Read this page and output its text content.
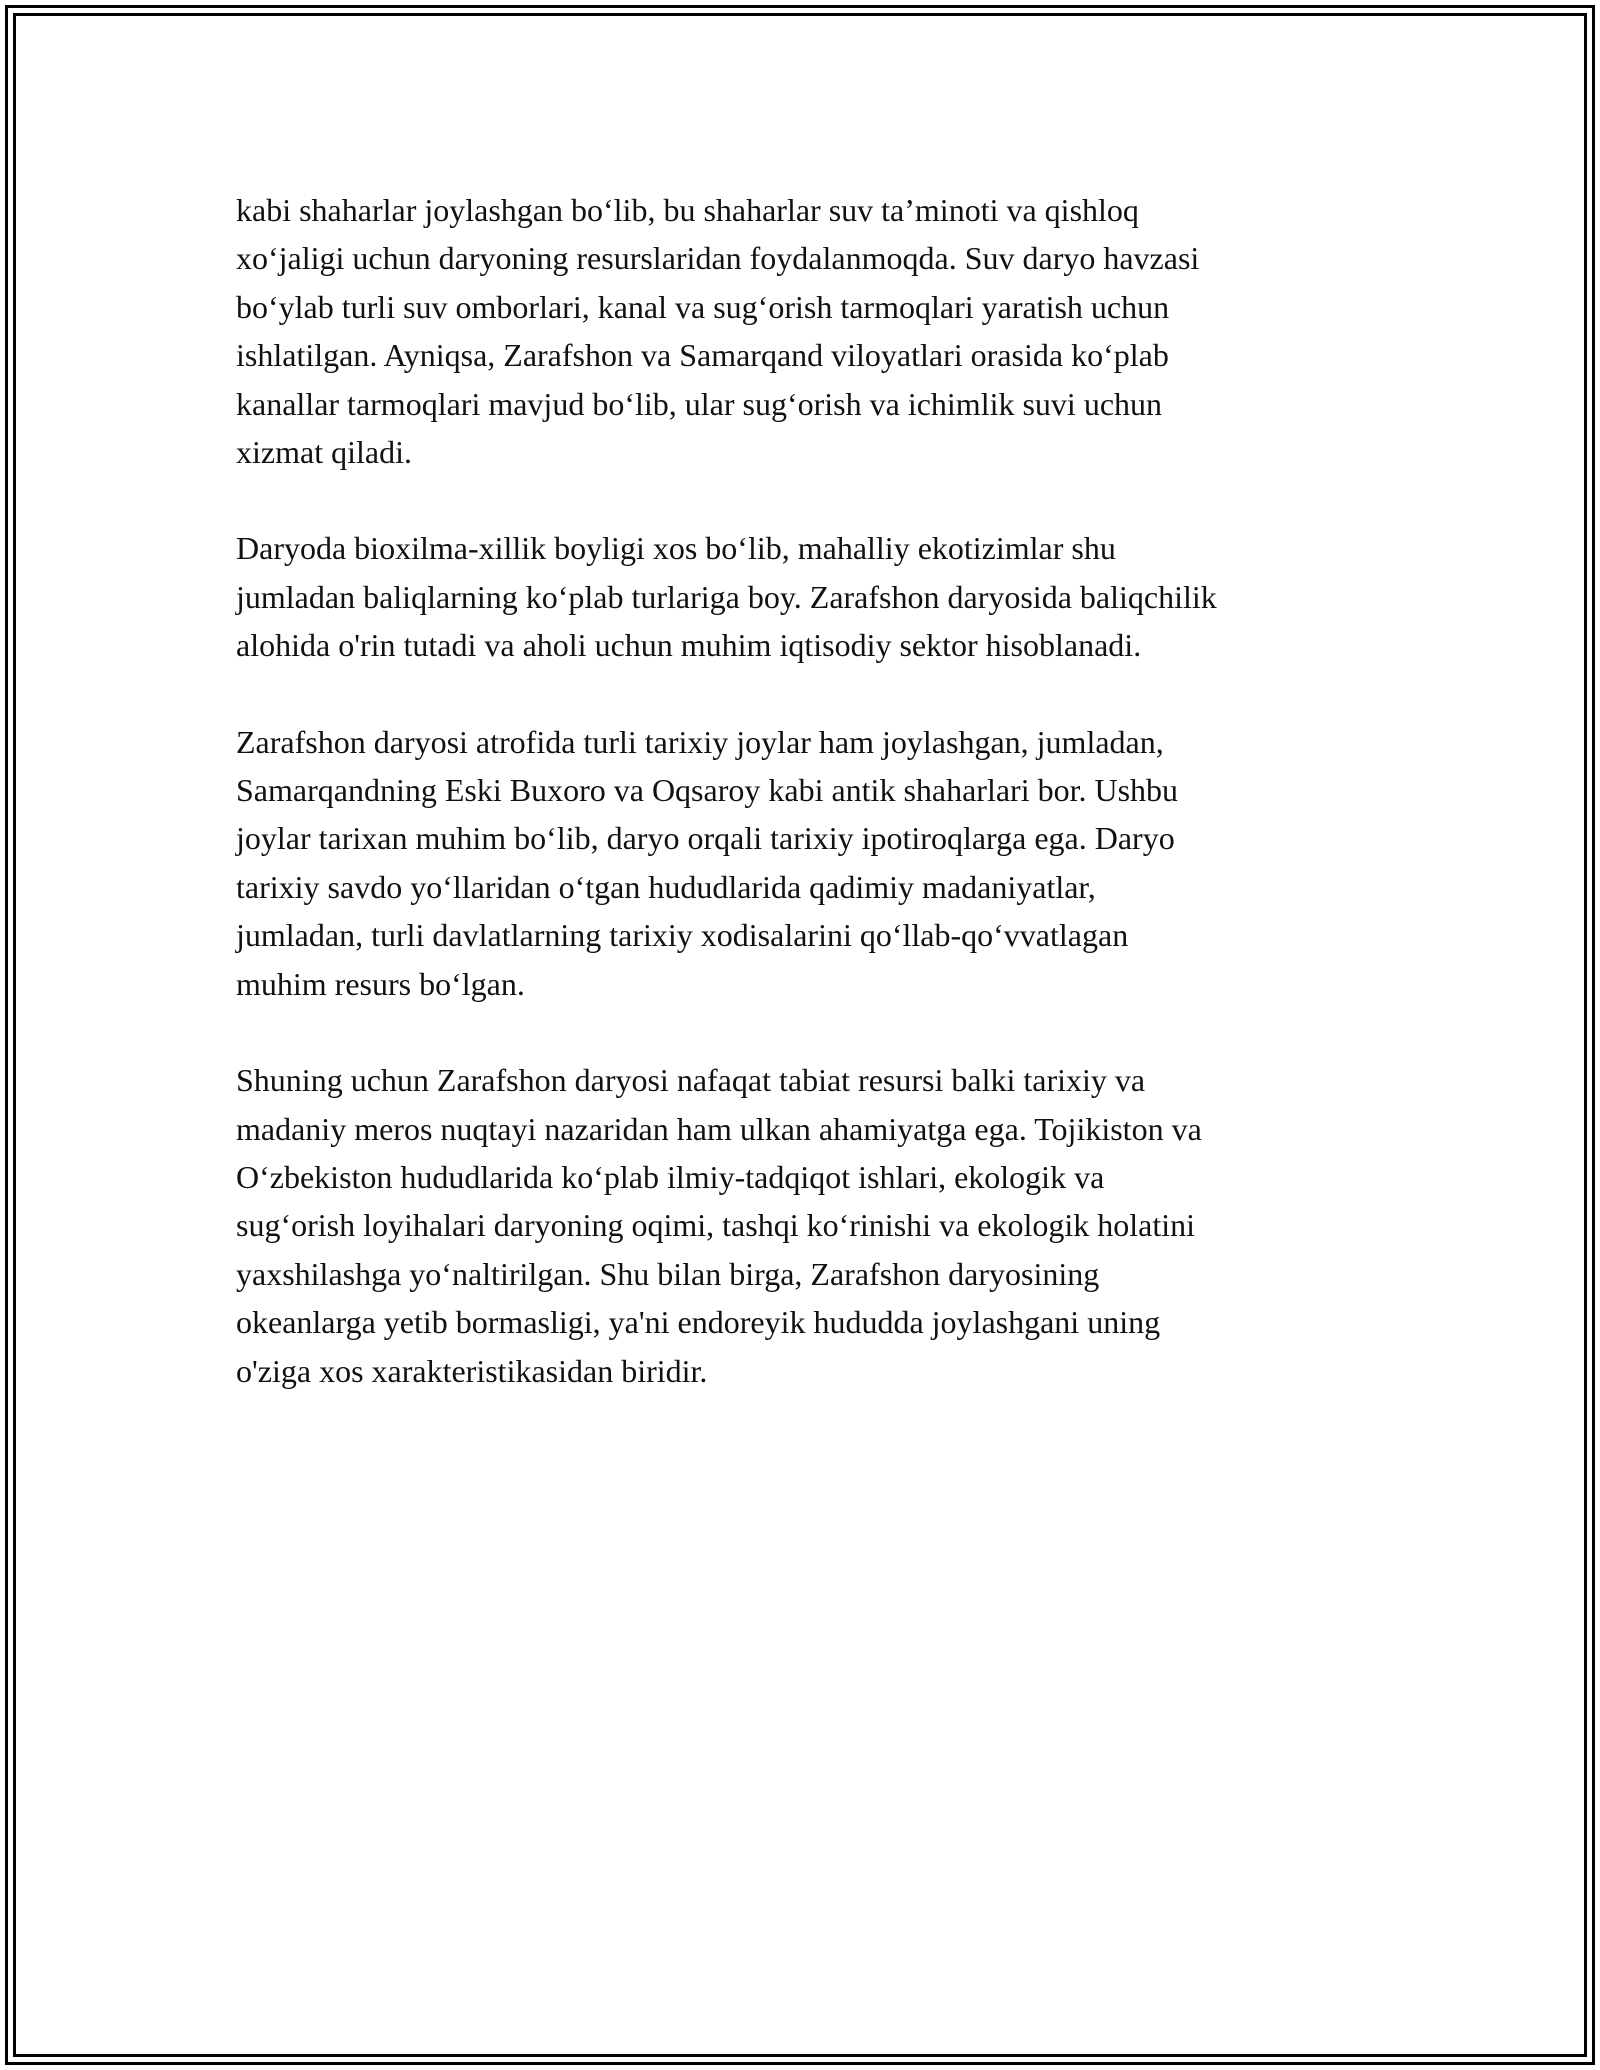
kabi shaharlar joylashgan bo‘lib, bu shaharlar suv ta’minoti va qishloq
xo‘jaligi uchun daryoning resurslaridan foydalanmoqda. Suv daryo havzasi
bo‘ylab turli suv omborlari, kanal va sug‘orish tarmoqlari yaratish uchun
ishlatilgan. Ayniqsa, Zarafshon va Samarqand viloyatlari orasida ko‘plab
kanallar tarmoqlari mavjud bo‘lib, ular sug‘orish va ichimlik suvi uchun
xizmat qiladi.

Daryoda bioxilma-xillik boyligi xos bo‘lib, mahalliy ekotizimlar shu
jumladan baliqlarning ko‘plab turlariga boy. Zarafshon daryosida baliqchilik
alohida o'rin tutadi va aholi uchun muhim iqtisodiy sektor hisoblanadi.

Zarafshon daryosi atrofida turli tarixiy joylar ham joylashgan, jumladan,
Samarqandning Eski Buxoro va Oqsaroy kabi antik shaharlari bor. Ushbu
joylar tarixan muhim bo‘lib, daryo orqali tarixiy ipotiroqlarga ega. Daryo
tarixiy savdo yo‘llaridan o‘tgan hududlarida qadimiy madaniyatlar,
jumladan, turli davlatlarning tarixiy xodisalarini qo‘llab-qo‘vvatlagan
muhim resurs bo‘lgan.

Shuning uchun Zarafshon daryosi nafaqat tabiat resursi balki tarixiy va
madaniy meros nuqtayi nazaridan ham ulkan ahamiyatga ega. Tojikiston va
O‘zbekiston hududlarida ko‘plab ilmiy-tadqiqot ishlari, ekologik va
sug‘orish loyihalari daryoning oqimi, tashqi ko‘rinishi va ekologik holatini
yaxshilashga yo‘naltirilgan. Shu bilan birga, Zarafshon daryosining
okeanlarga yetib bormasligi, ya'ni endoreyik hududda joylashgani uning
o'ziga xos xarakteristikasidan biridir.
